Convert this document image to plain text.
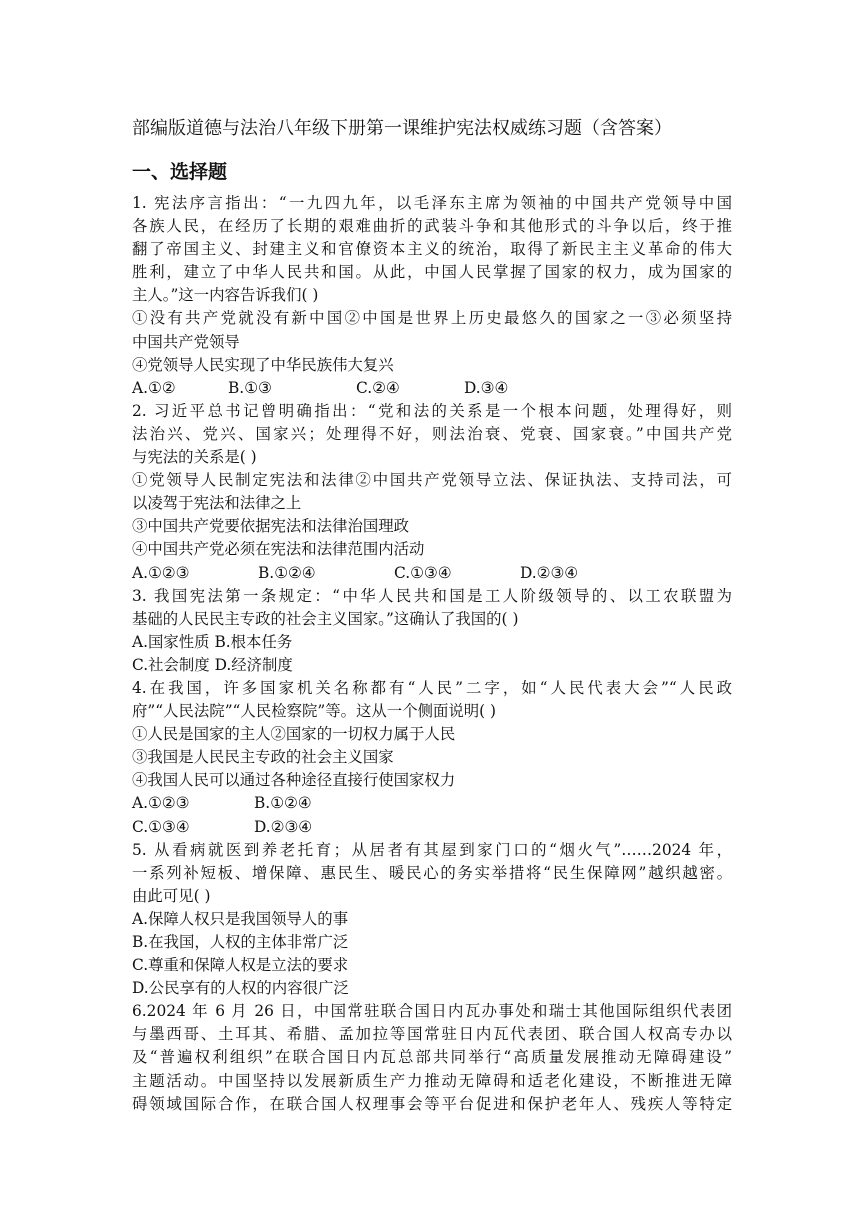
部编版道德与法治八年级下册第一课维护宪法权威练习题（含答案）
一、选择题
1. 宪法序言指出：“一九四九年，以毛泽东主席为领袖的中国共产党领导中国
各族人民，在经历了长期的艰难曲折的武装斗争和其他形式的斗争以后，终于推
翻了帝国主义、封建主义和官僚资本主义的统治，取得了新民主主义革命的伟大
胜利，建立了中华人民共和国。从此，中国人民掌握了国家的权力，成为国家的
主人。”这一内容告诉我们( )
①没有共产党就没有新中国②中国是世界上历史最悠久的国家之一③必须坚持
中国共产党领导
④党领导人民实现了中华民族伟大复兴
A.①②	B.①③	C.②④	D.③④
2. 习近平总书记曾明确指出：“党和法的关系是一个根本问题，处理得好，则
法治兴、党兴、国家兴；处理得不好，则法治衰、党衰、国家衰。”中国共产党
与宪法的关系是( )
①党领导人民制定宪法和法律②中国共产党领导立法、保证执法、支持司法，可
以凌驾于宪法和法律之上
③中国共产党要依据宪法和法律治国理政
④中国共产党必须在宪法和法律范围内活动
A.①②③	B.①②④	C.①③④	D.②③④
3. 我国宪法第一条规定：“中华人民共和国是工人阶级领导的、以工农联盟为
基础的人民民主专政的社会主义国家。”这确认了我国的( )
A.国家性质 B.根本任务
C.社会制度 D.经济制度
4.在我国，许多国家机关名称都有“人民”二字，如“人民代表大会”“人民政
府”“人民法院”“人民检察院”等。这从一个侧面说明( )
①人民是国家的主人②国家的一切权力属于人民
③我国是人民民主专政的社会主义国家
④我国人民可以通过各种途径直接行使国家权力
A.①②③	B.①②④
C.①③④	D.②③④
5. 从看病就医到养老托育；从居者有其屋到家门口的“烟火气”……2024 年，
一系列补短板、增保障、惠民生、暖民心的务实举措将“民生保障网”越织越密。
由此可见( )
A.保障人权只是我国领导人的事
B.在我国，人权的主体非常广泛
C.尊重和保障人权是立法的要求
D.公民享有的人权的内容很广泛
6.2024 年 6 月 26 日，中国常驻联合国日内瓦办事处和瑞士其他国际组织代表团
与墨西哥、土耳其、希腊、孟加拉等国常驻日内瓦代表团、联合国人权高专办以
及“普遍权利组织”在联合国日内瓦总部共同举行“高质量发展推动无障碍建设”
主题活动。中国坚持以发展新质生产力推动无障碍和适老化建设，不断推进无障
碍领域国际合作，在联合国人权理事会等平台促进和保护老年人、残疾人等特定
